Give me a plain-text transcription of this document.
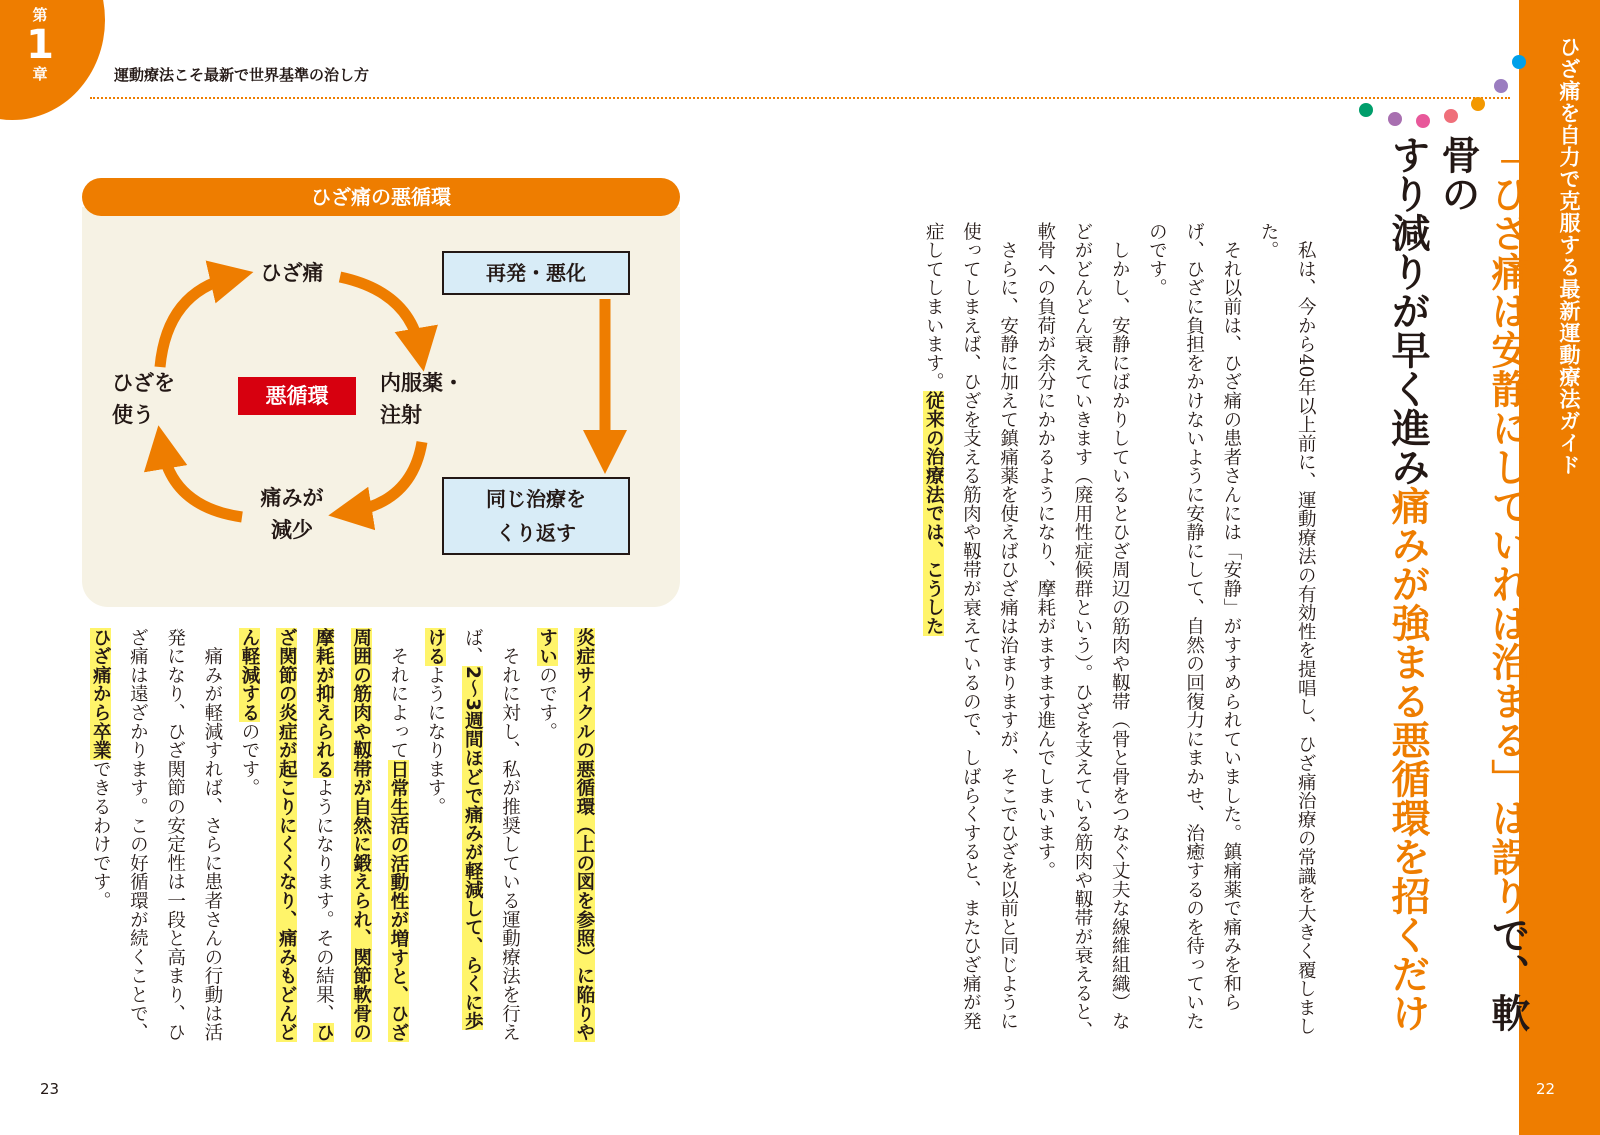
第
1
章	運動療法こそ最新で世界基準の治し方	ひざ痛を自力で克服する最新運動療法ガイド
「ひざ痛は安静にしていれば治まる」は誤りで、軟骨の
すり減りが早く進み痛みが強まる悪循環を招くだけ
　私は、今から40年以上前に、運動療法の有効性を提唱し、ひざ痛治療の常識を大きく覆しました。
　それ以前は、ひざ痛の患者さんには「安静」がすすめられていました。鎮痛薬で痛みを和らげ、ひざに負担をかけないように安静にして、自然の回復力にまかせ、治癒するのを待っていたのです。
　しかし、安静にばかりしているとひざ周辺の筋肉や靱帯（骨と骨をつなぐ丈夫な線維組織）などがどんどん衰えていきます（廃用性症候群という）。ひざを支えている筋肉や靱帯が衰えると、軟骨への負荷が余分にかかるようになり、摩耗がますます進んでしまいます。
　さらに、安静に加えて鎮痛薬を使えばひざ痛は治まりますが、そこでひざを以前と同じように使ってしまえば、ひざを支える筋肉や靱帯が衰えているので、しばらくすると、またひざ痛が発症してしまいます。従来の治療法では、こうした
ひざ痛
内服薬・
注射
痛みが
減少
ひざを
使う
悪循環
再発・悪化
同じ治療を
くり返す
ひざ痛の悪循環
炎症サイクルの悪循環（上の図を参照）に陥りやすいのです。
　それに対し、私が推奨している運動療法を行えば、2〜3週間ほどで痛みが軽減して、らくに歩けるようになります。
　それによって日常生活の活動性が増すと、ひざ周囲の筋肉や靱帯が自然に鍛えられ、関節軟骨の摩耗が抑えられるようになります。その結果、ひざ関節の炎症が起こりにくくなり、痛みもどんどん軽減するのです。
　痛みが軽減すれば、さらに患者さんの行動は活発になり、ひざ関節の安定性は一段と高まり、ひざ痛は遠ざかります。この好循環が続くことで、ひざ痛から卒業できるわけです。
23	22
